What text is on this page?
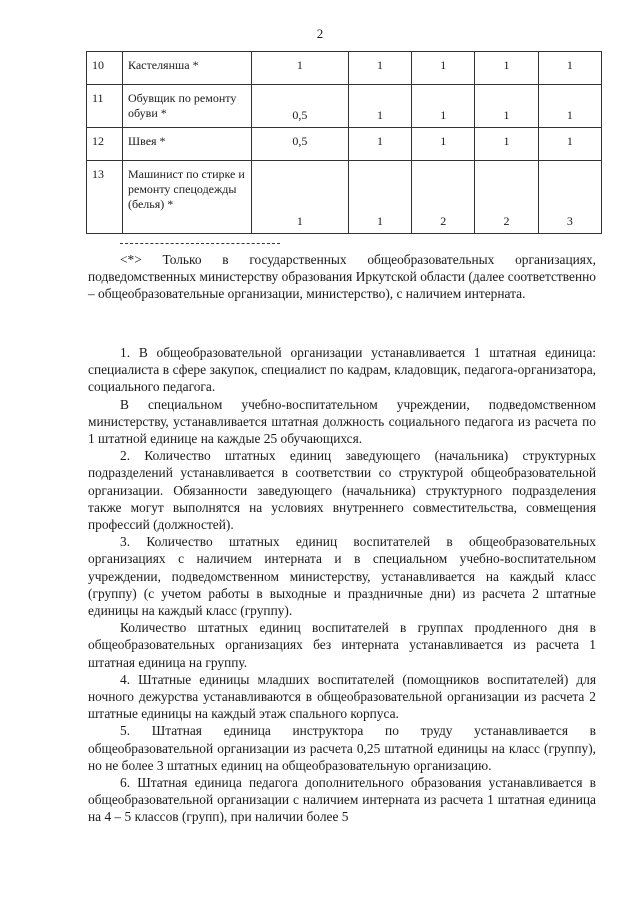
2
10	Кастелянша *	1	1	1	1	1
11	Обувщик по ремонту обуви *	0,5	1	1	1	1
12	Швея *	0,5	1	1	1	1
13	Машинист по стирке и ремонту спецодежды (белья) *	1	1	2	2	3

<*> Только в государственных общеобразовательных организациях, подведомственных министерству образования Иркутской области (далее соответственно – общеобразовательные организации, министерство), с наличием интерната.

1. В общеобразовательной организации устанавливается 1 штатная единица: специалиста в сфере закупок, специалист по кадрам, кладовщик, педагога-организатора, социального педагога.

В специальном учебно-воспитательном учреждении, подведомственном министерству, устанавливается штатная должность социального педагога из расчета по 1 штатной единице на каждые 25 обучающихся.

2. Количество штатных единиц заведующего (начальника) структурных подразделений устанавливается в соответствии со структурой общеобразовательной организации. Обязанности заведующего (начальника) структурного подразделения также могут выполнятся на условиях внутреннего совместительства, совмещения профессий (должностей).

3. Количество штатных единиц воспитателей в общеобразовательных организациях с наличием интерната и в специальном учебно-воспитательном учреждении, подведомственном министерству, устанавливается на каждый класс (группу) (с учетом работы в выходные и праздничные дни) из расчета 2 штатные единицы на каждый класс (группу).

Количество штатных единиц воспитателей в группах продленного дня в общеобразовательных организациях без интерната устанавливается из расчета 1 штатная единица на группу.

4. Штатные единицы младших воспитателей (помощников воспитателей) для ночного дежурства устанавливаются в общеобразовательной организации из расчета 2 штатные единицы на каждый этаж спального корпуса.

5. Штатная единица инструктора по труду устанавливается в общеобразовательной организации из расчета 0,25 штатной единицы на класс (группу), но не более 3 штатных единиц на общеобразовательную организацию.

6. Штатная единица педагога дополнительного образования устанавливается в общеобразовательной организации с наличием интерната из расчета 1 штатная единица на 4 – 5 классов (групп), при наличии более 5
